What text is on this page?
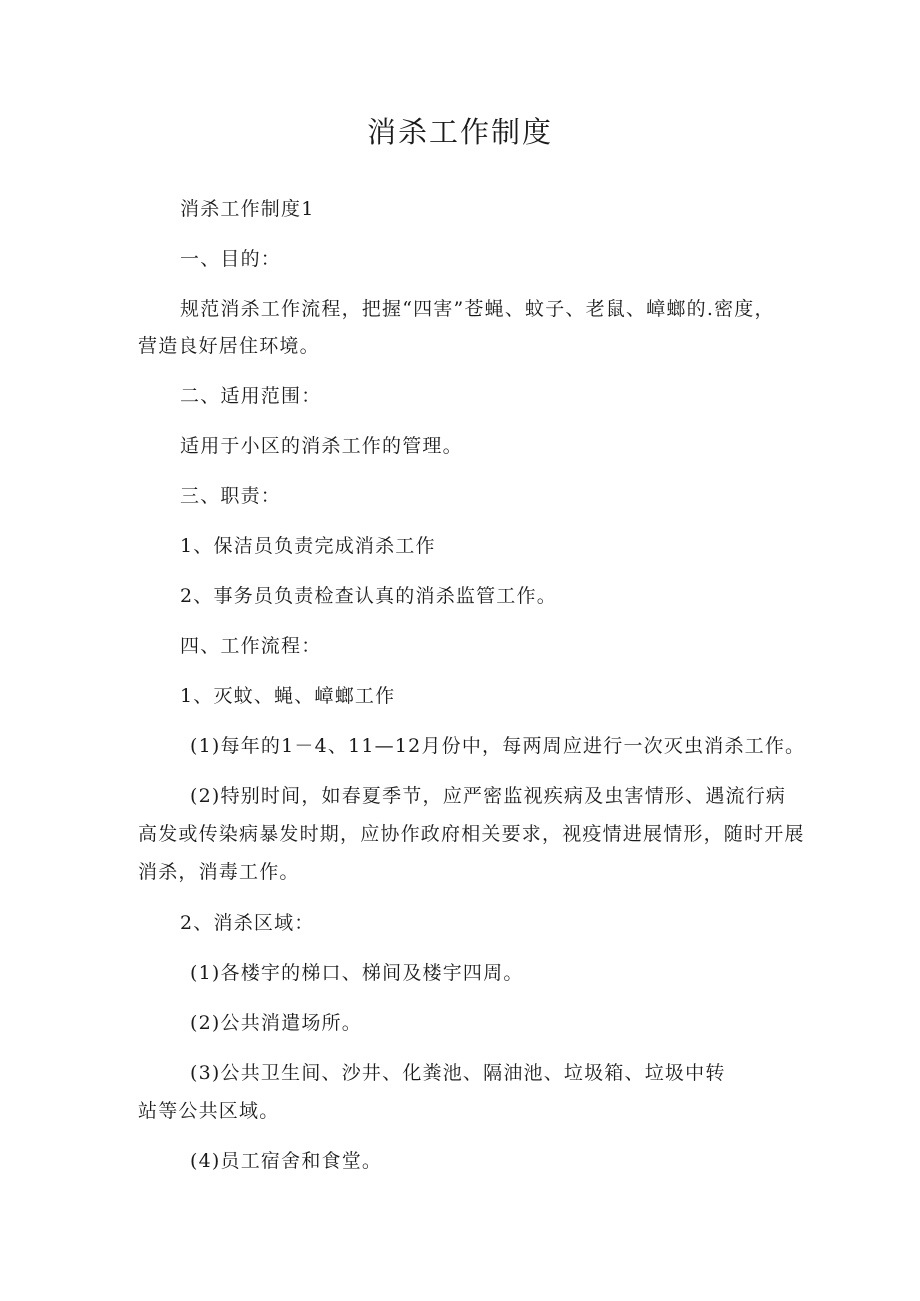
消杀工作制度
消杀工作制度1
一、目的：
规范消杀工作流程，把握“四害”苍蝇、蚊子、老鼠、嶂螂的.密度，
营造良好居住环境。
二、适用范围：
适用于小区的消杀工作的管理。
三、职责：
1、保洁员负责完成消杀工作
2、事务员负责检查认真的消杀监管工作。
四、工作流程：
1、灭蚊、蝇、嶂螂工作
(1)每年的1－4、11—12月份中，每两周应进行一次灭虫消杀工作。
(2)特别时间，如春夏季节，应严密监视疾病及虫害情形、遇流行病
高发或传染病暴发时期，应协作政府相关要求，视疫情进展情形，随时开展
消杀，消毒工作。
2、消杀区域：
(1)各楼宇的梯口、梯间及楼宇四周。
(2)公共消遣场所。
(3)公共卫生间、沙井、化粪池、隔油池、垃圾箱、垃圾中转
站等公共区域。
(4)员工宿舍和食堂。
